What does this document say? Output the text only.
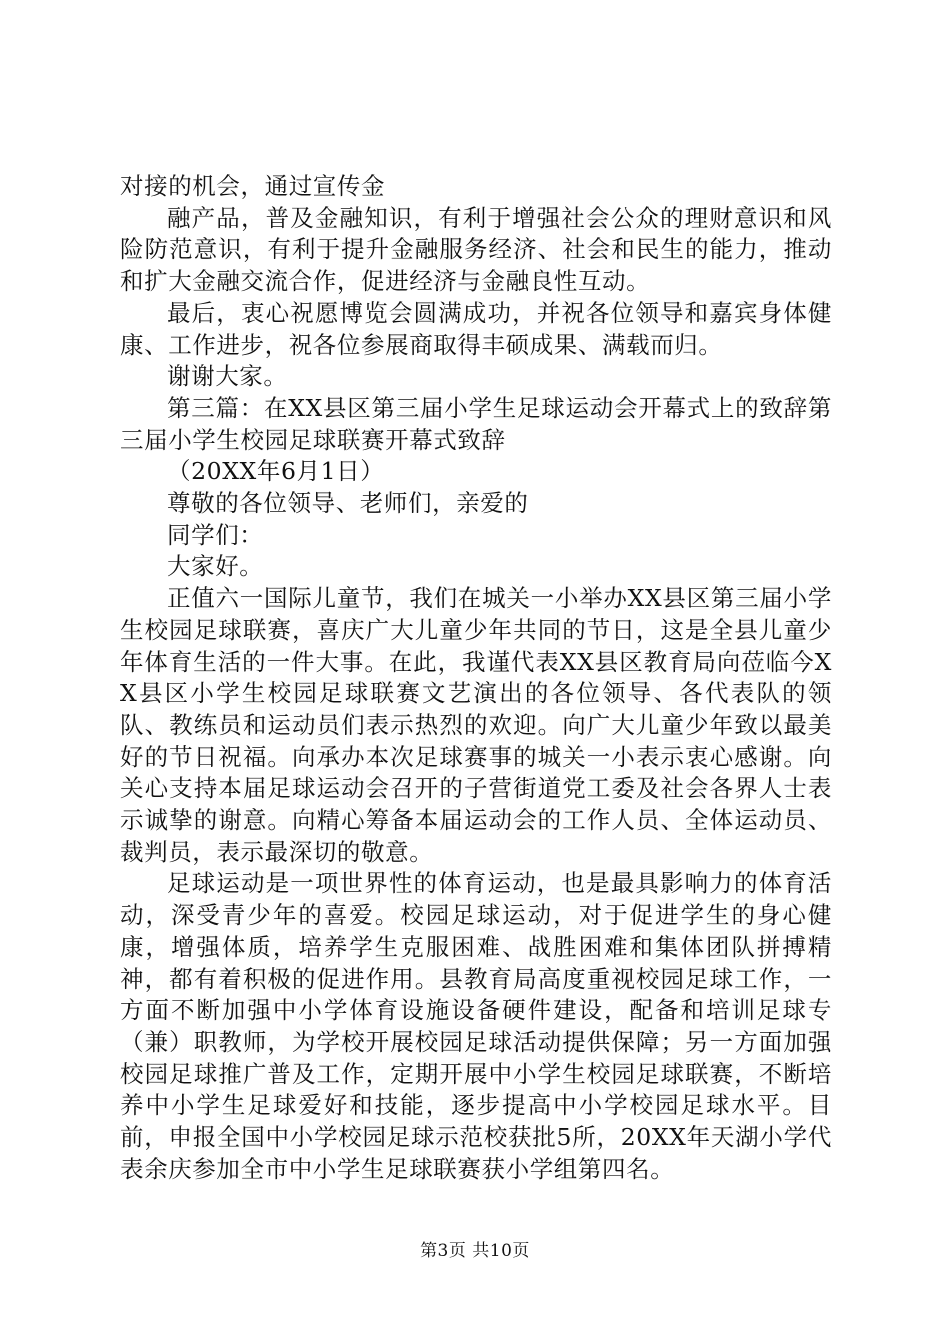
对接的机会，通过宣传金

融产品，普及金融知识，有利于增强社会公众的理财意识和风险防范意识，有利于提升金融服务经济、社会和民生的能力，推动和扩大金融交流合作，促进经济与金融良性互动。

最后，衷心祝愿博览会圆满成功，并祝各位领导和嘉宾身体健康、工作进步，祝各位参展商取得丰硕成果、满载而归。

谢谢大家。

第三篇：在XX县区第三届小学生足球运动会开幕式上的致辞第三届小学生校园足球联赛开幕式致辞

（20XX年6月1日）

尊敬的各位领导、老师们，亲爱的

同学们：

大家好。

正值六一国际儿童节，我们在城关一小举办XX县区第三届小学生校园足球联赛，喜庆广大儿童少年共同的节日，这是全县儿童少年体育生活的一件大事。在此，我谨代表XX县区教育局向莅临今XX县区小学生校园足球联赛文艺演出的各位领导、各代表队的领队、教练员和运动员们表示热烈的欢迎。向广大儿童少年致以最美好的节日祝福。向承办本次足球赛事的城关一小表示衷心感谢。向关心支持本届足球运动会召开的子营街道党工委及社会各界人士表示诚挚的谢意。向精心筹备本届运动会的工作人员、全体运动员、裁判员，表示最深切的敬意。

足球运动是一项世界性的体育运动，也是最具影响力的体育活动，深受青少年的喜爱。校园足球运动，对于促进学生的身心健康，增强体质，培养学生克服困难、战胜困难和集体团队拼搏精神，都有着积极的促进作用。县教育局高度重视校园足球工作，一方面不断加强中小学体育设施设备硬件建设，配备和培训足球专（兼）职教师，为学校开展校园足球活动提供保障；另一方面加强校园足球推广普及工作，定期开展中小学生校园足球联赛，不断培养中小学生足球爱好和技能，逐步提高中小学校园足球水平。目前，申报全国中小学校园足球示范校获批5所，20XX年天湖小学代表余庆参加全市中小学生足球联赛获小学组第四名。

第3页 共10页
